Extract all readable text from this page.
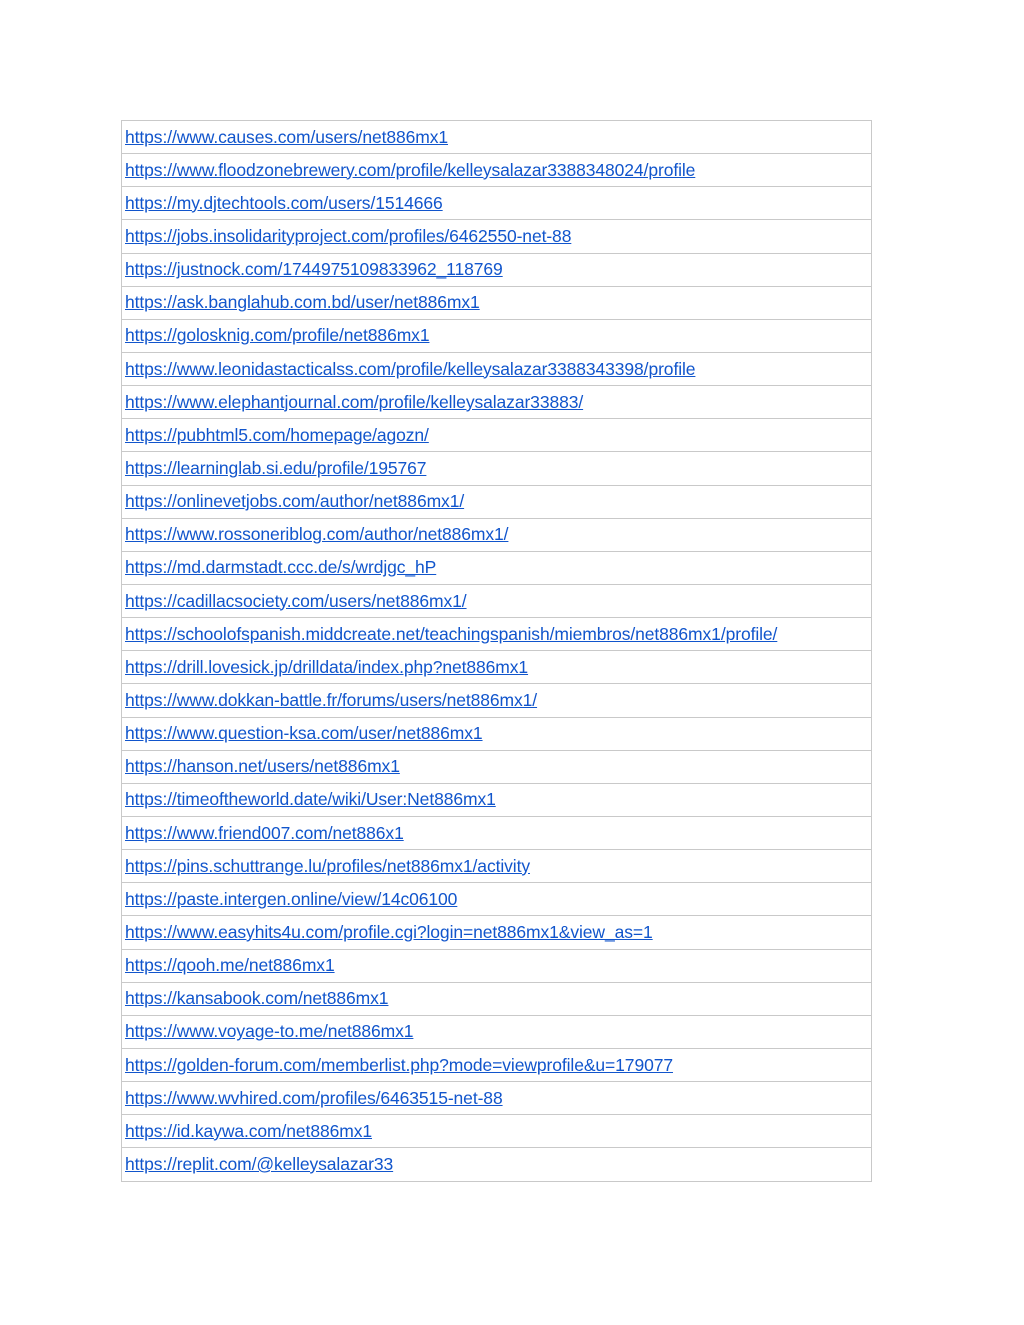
https://www.causes.com/users/net886mx1
https://www.floodzonebrewery.com/profile/kelleysalazar3388348024/profile
https://my.djtechtools.com/users/1514666
https://jobs.insolidarityproject.com/profiles/6462550-net-88
https://justnock.com/1744975109833962_118769
https://ask.banglahub.com.bd/user/net886mx1
https://golosknig.com/profile/net886mx1
https://www.leonidastacticalss.com/profile/kelleysalazar3388343398/profile
https://www.elephantjournal.com/profile/kelleysalazar33883/
https://pubhtml5.com/homepage/agozn/
https://learninglab.si.edu/profile/195767
https://onlinevetjobs.com/author/net886mx1/
https://www.rossoneriblog.com/author/net886mx1/
https://md.darmstadt.ccc.de/s/wrdjgc_hP
https://cadillacsociety.com/users/net886mx1/
https://schoolofspanish.middcreate.net/teachingspanish/miembros/net886mx1/profile/
https://drill.lovesick.jp/drilldata/index.php?net886mx1
https://www.dokkan-battle.fr/forums/users/net886mx1/
https://www.question-ksa.com/user/net886mx1
https://hanson.net/users/net886mx1
https://timeoftheworld.date/wiki/User:Net886mx1
https://www.friend007.com/net886x1
https://pins.schuttrange.lu/profiles/net886mx1/activity
https://paste.intergen.online/view/14c06100
https://www.easyhits4u.com/profile.cgi?login=net886mx1&view_as=1
https://qooh.me/net886mx1
https://kansabook.com/net886mx1
https://www.voyage-to.me/net886mx1
https://golden-forum.com/memberlist.php?mode=viewprofile&u=179077
https://www.wvhired.com/profiles/6463515-net-88
https://id.kaywa.com/net886mx1
https://replit.com/@kelleysalazar33
